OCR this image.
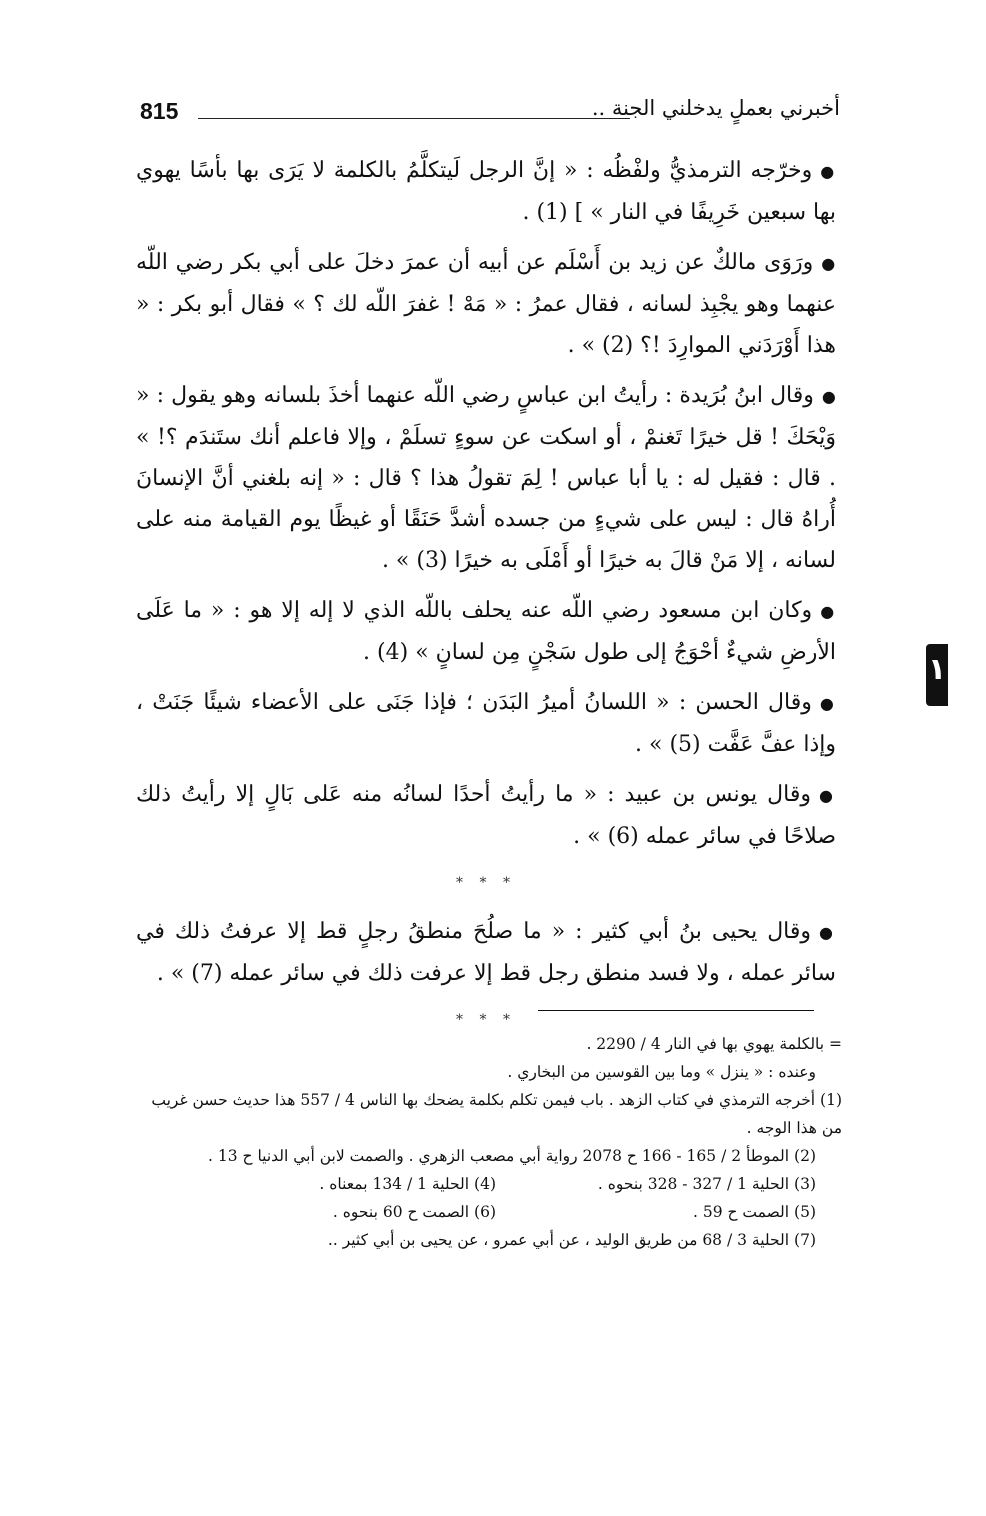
815	أخبرني بعملٍ يدخلني الجنة ..

●وخرّجه الترمذيُّ ولفْظُه : « إنَّ الرجل لَيتكلَّمُ بالكلمة لا يَرَى بها بأسًا يهوي بها سبعين خَرِيفًا في النار » ] (1) .

●ورَوَى مالكٌ عن زيد بن أَسْلَم عن أبيه أن عمرَ دخلَ على أبي بكر رضي اللّه عنهما وهو يجْبِذ لسانه ، فقال عمرُ : « مَهْ ! غفرَ اللّه لك ؟ » فقال أبو بكر : « هذا أَوْرَدَني الموارِدَ !؟ (2) » .

●وقال ابنُ بُرَيدة : رأيتُ ابن عباسٍ رضي اللّه عنهما أخذَ بلسانه وهو يقول : « وَيْحَكَ ! قل خيرًا تَغنمْ ، أو اسكت عن سوءٍ تسلَمْ ، وإلا فاعلم أنك ستَندَم ؟! » . قال : فقيل له : يا أبا عباس ! لِمَ تقولُ هذا ؟ قال : « إنه بلغني أنَّ الإنسانَ أُراهُ قال : ليس على شيءٍ من جسده أشدَّ حَنَقًا أو غيظًا يوم القيامة منه على لسانه ، إلا مَنْ قالَ به خيرًا أو أَمْلَى به خيرًا (3) » .

●وكان ابن مسعود رضي اللّه عنه يحلف باللّه الذي لا إله إلا هو : « ما عَلَى الأرضِ شيءٌ أحْوَجُ إلى طول سَجْنٍ مِن لسانٍ » (4) .

●وقال الحسن : « اللسانُ أميرُ البَدَن ؛ فإذا جَنَى على الأعضاء شيئًا جَنَتْ ، وإذا عفَّ عَفَّت (5) » .

●وقال يونس بن عبيد : « ما رأيتُ أحدًا لسانُه منه عَلى بَالٍ إلا رأيتُ ذلك صلاحًا في سائر عمله (6) » .

* * *

●وقال يحيى بنُ أبي كثير : « ما صلُحَ منطقُ رجلٍ قط إلا عرفتُ ذلك في سائر عمله ، ولا فسد منطق رجل قط إلا عرفت ذلك في سائر عمله (7) » .

* * *

= بالكلمة يهوي بها في النار 4 / 2290 .

وعنده : « ينزل » وما بين القوسين من البخاري .

(1) أخرجه الترمذي في كتاب الزهد . باب فيمن تكلم بكلمة يضحك بها الناس 4 / 557 هذا حديث حسن غريب من هذا الوجه .

(2) الموطأ 2 / 165 - 166 ح 2078 رواية أبي مصعب الزهري . والصمت لابن أبي الدنيا ح 13 .

(3) الحلية 1 / 327 - 328 بنحوه .

(4) الحلية 1 / 134 بمعناه .

(5) الصمت ح 59 .

(6) الصمت ح 60 بنحوه .

(7) الحلية 3 / 68 من طريق الوليد ، عن أبي عمرو ، عن يحيى بن أبي كثير ..

١
